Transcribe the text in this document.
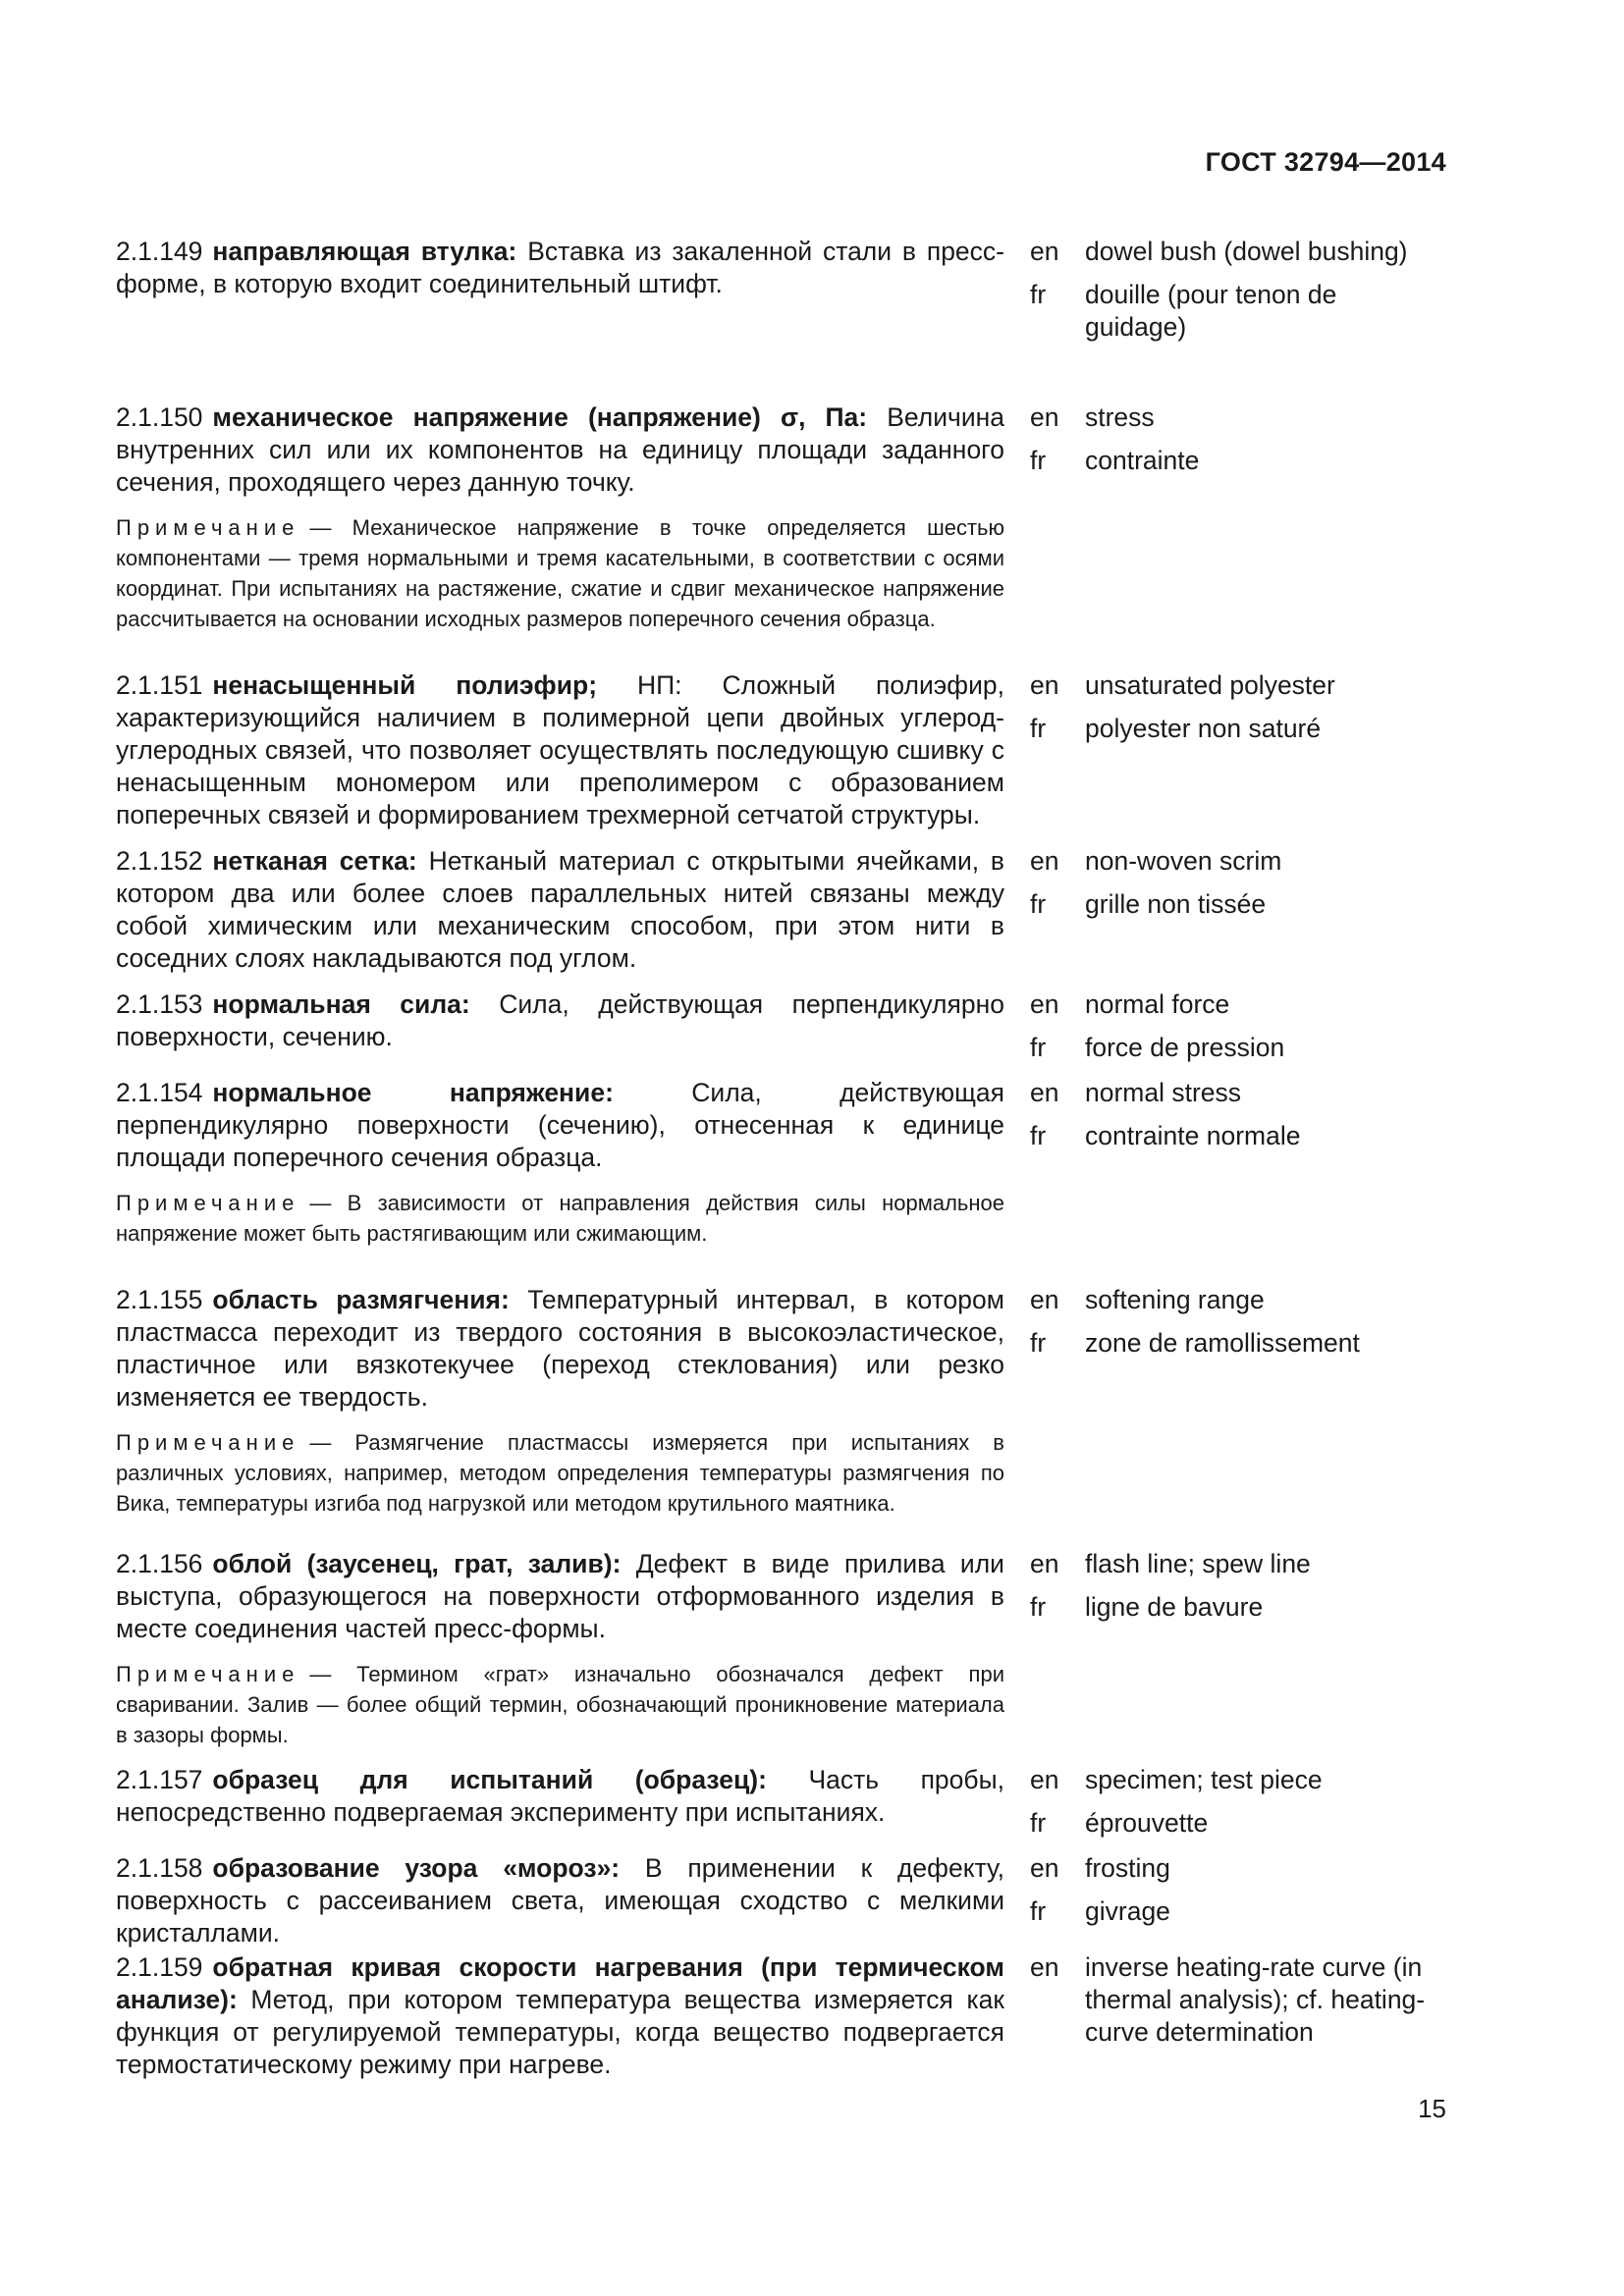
ГОСТ 32794—2014
2.1.149 направляющая втулка: Вставка из закаленной стали в пресс-форме, в которую входит соединительный штифт.
en	dowel bush (dowel bushing)
fr	douille (pour tenon de guidage)
2.1.150 механическое напряжение (напряжение) σ, Па: Величина внутренних сил или их компонентов на единицу площади заданного сечения, проходящего через данную точку.
en	stress
fr	contrainte
Примечание — Механическое напряжение в точке определяется шестью компонентами — тремя нормальными и тремя касательными, в соответствии с осями координат. При испытаниях на растяжение, сжатие и сдвиг механическое напряжение рассчитывается на основании исходных размеров поперечного сечения образца.
2.1.151 ненасыщенный полиэфир; НП: Сложный полиэфир, характеризующийся наличием в полимерной цепи двойных углерод-углеродных связей, что позволяет осуществлять последующую сшивку с ненасыщенным мономером или преполимером с образованием поперечных связей и формированием трехмерной сетчатой структуры.
en	unsaturated polyester
fr	polyester non saturé
2.1.152 нетканая сетка: Нетканый материал с открытыми ячейками, в котором два или более слоев параллельных нитей связаны между собой химическим или механическим способом, при этом нити в соседних слоях накладываются под углом.
en	non-woven scrim
fr	grille non tissée
2.1.153 нормальная сила: Сила, действующая перпендикулярно поверхности, сечению.
en	normal force
fr	force de pression
2.1.154 нормальное напряжение:	Сила, действующая перпендикулярно поверхности (сечению), отнесенная к единице площади поперечного сечения образца.
en	normal stress
fr	contrainte normale
Примечание — В зависимости от направления действия силы нормальное напряжение может быть растягивающим или сжимающим.
2.1.155 область размягчения: Температурный интервал, в котором пластмасса переходит из твердого состояния в высокоэластическое, пластичное или вязкотекучее (переход стеклования) или резко изменяется ее твердость.
en	softening range
fr	zone de ramollissement
Примечание — Размягчение пластмассы измеряется при испытаниях в различных условиях, например, методом определения температуры размягчения по Вика, температуры изгиба под нагрузкой или методом крутильного маятника.
2.1.156 облой (заусенец, грат, залив): Дефект в виде прилива или выступа, образующегося на поверхности отформованного изделия в месте соединения частей пресс-формы.
en	flash line; spew line
fr	ligne de bavure
Примечание — Термином «грат» изначально обозначался дефект при сваривании. Залив — более общий термин, обозначающий проникновение материала в зазоры формы.
2.1.157 образец для испытаний (образец): Часть пробы, непосредственно подвергаемая эксперименту при испытаниях.
en	specimen; test piece
fr	éprouvette
2.1.158 образование узора «мороз»: В применении к дефекту, поверхность с рассеиванием света, имеющая сходство с мелкими кристаллами.
en	frosting
fr	givrage
2.1.159 обратная кривая скорости нагревания (при термическом анализе): Метод, при котором температура вещества измеряется как функция от регулируемой температуры, когда вещество подвергается термостатическому режиму при нагреве.
en	inverse heating-rate curve (in thermal analysis); cf. heating-curve determination
15
